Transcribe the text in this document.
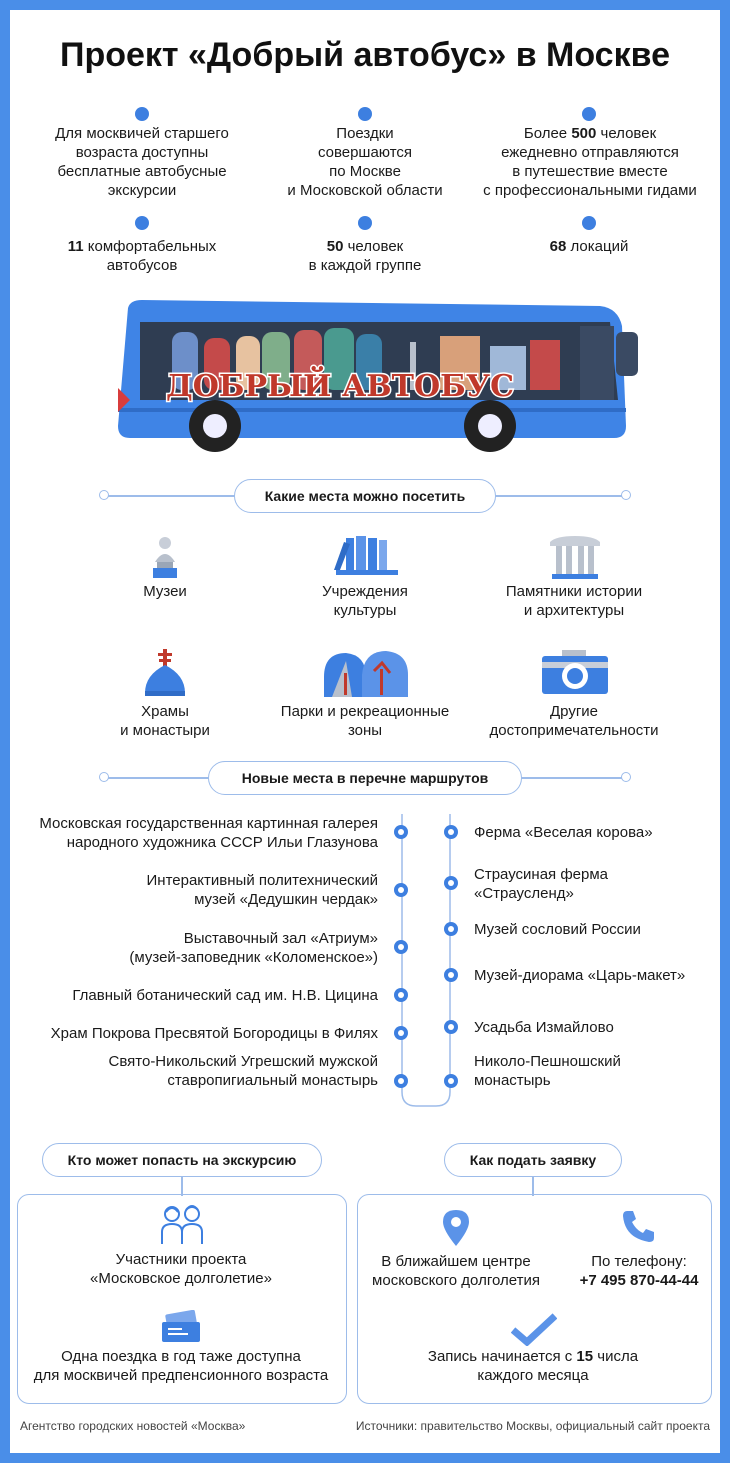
Проект «Добрый автобус» в Москве
Для москвичей старшего
возраста доступны
бесплатные автобусные
экскурсии
Поездки
совершаются
по Москве
и Московской области
Более 500 человек
ежедневно отправляются
в путешествие вместе
с профессиональными гидами
11 комфортабельных
автобусов
50 человек
в каждой группе
68 локаций
ДОБРЫЙ АВТОБУС
Какие места можно посетить
Музеи	Учреждения
культуры
Памятники истории
и архитектуры
Храмы
и монастыри
Парки и рекреационные
зоны
Другие
достопримечательности
Новые места в перечне маршрутов
Московская государственная картинная галерея
народного художника СССР Ильи Глазунова
Интерактивный политехнический
музей «Дедушкин чердак»
Выставочный зал «Атриум»
(музей-заповедник «Коломенское»)
Главный ботанический сад им. Н.В. Цицина
Храм Покрова Пресвятой Богородицы в Филях
Свято-Никольский Угрешский мужской
ставропигиальный монастырь
Ферма «Веселая корова»
Страусиная ферма
«Страусленд»
Музей сословий России
Музей-диорама «Царь-макет»
Усадьба Измайлово
Николо-Пешношский
монастырь
Кто может попасть на экскурсию
Участники проекта
«Московское долголетие»
Одна поездка в год таже доступна
для москвичей предпенсионного возраста
Как подать заявку
В ближайшем центре
московского долголетия
По телефону:
+7 495 870-44-44
Запись начинается с 15 числа
каждого месяца
Агентство городских новостей «Москва»	Источники: правительство Москвы, официальный сайт проекта
